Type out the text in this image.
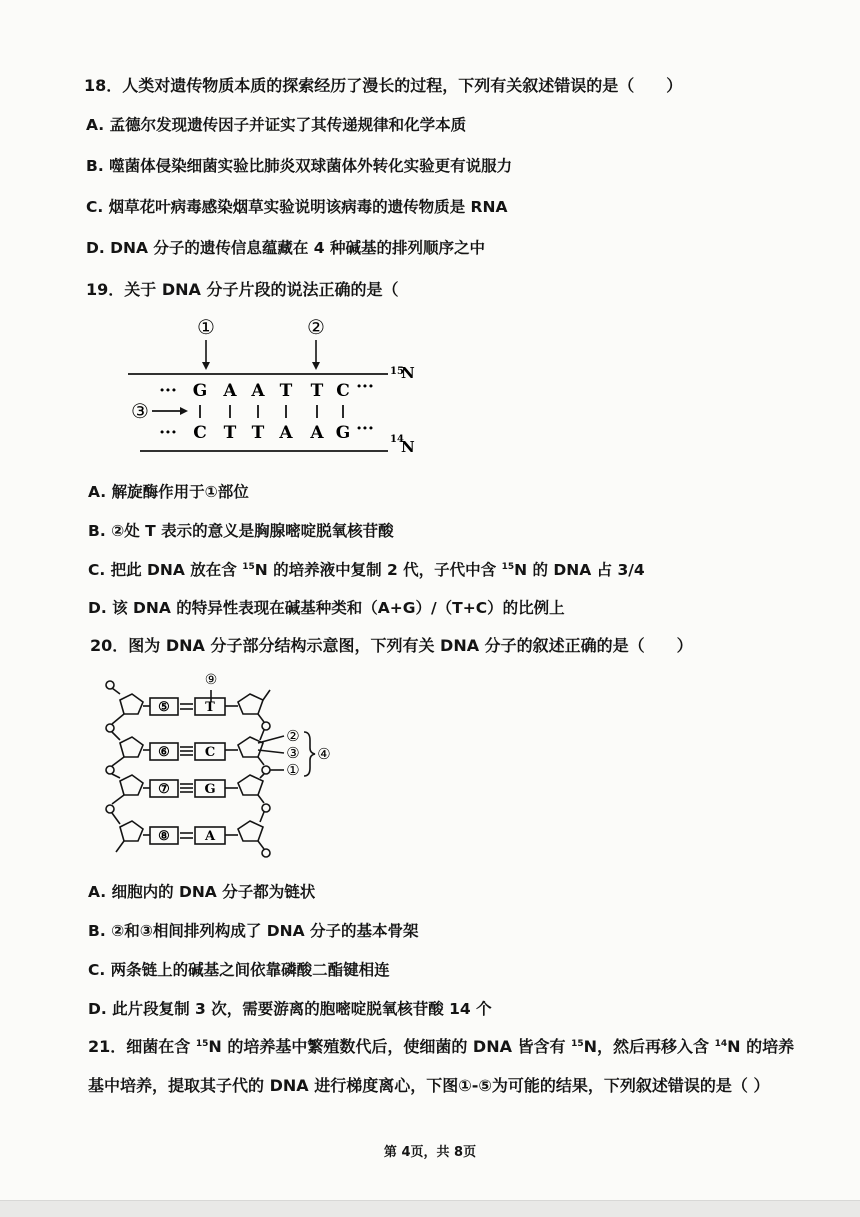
18．人类对遗传物质本质的探索经历了漫长的过程，下列有关叙述错误的是（　　）
A. 孟德尔发现遗传因子并证实了其传递规律和化学本质
B. 噬菌体侵染细菌实验比肺炎双球菌体外转化实验更有说服力
C. 烟草花叶病毒感染烟草实验说明该病毒的遗传物质是 RNA
D. DNA 分子的遗传信息蕴藏在 4 种碱基的排列顺序之中
19．关于 DNA 分子片段的说法正确的是（
①	②
15
N
14
N
··· G A A T T C ···
③
··· C T T A A G ···
A. 解旋酶作用于①部位
B. ②处 T 表示的意义是胸腺嘧啶脱氧核苷酸
C. 把此 DNA 放在含 $^{15}$N 的培养液中复制 2 代，子代中含 $^{15}$N 的 DNA 占 3/4
D. 该 DNA 的特异性表现在碱基种类和（A+G）/（T+C）的比例上
20．图为 DNA 分子部分结构示意图，下列有关 DNA 分子的叙述正确的是（　　）
⑨
⑤	T
⑥	C
⑦	G
⑧	A
②
③
①
④
A. 细胞内的 DNA 分子都为链状
B. ②和③相间排列构成了 DNA 分子的基本骨架
C. 两条链上的碱基之间依靠磷酸二酯键相连
D. 此片段复制 3 次，需要游离的胞嘧啶脱氧核苷酸 14 个
21．细菌在含 $^{15}$N 的培养基中繁殖数代后，使细菌的 DNA 皆含有 $^{15}$N，然后再移入含 $^{14}$N 的培养
基中培养，提取其子代的 DNA 进行梯度离心，下图①-⑤为可能的结果，下列叙述错误的是（ ）
第 4页，共 8页
